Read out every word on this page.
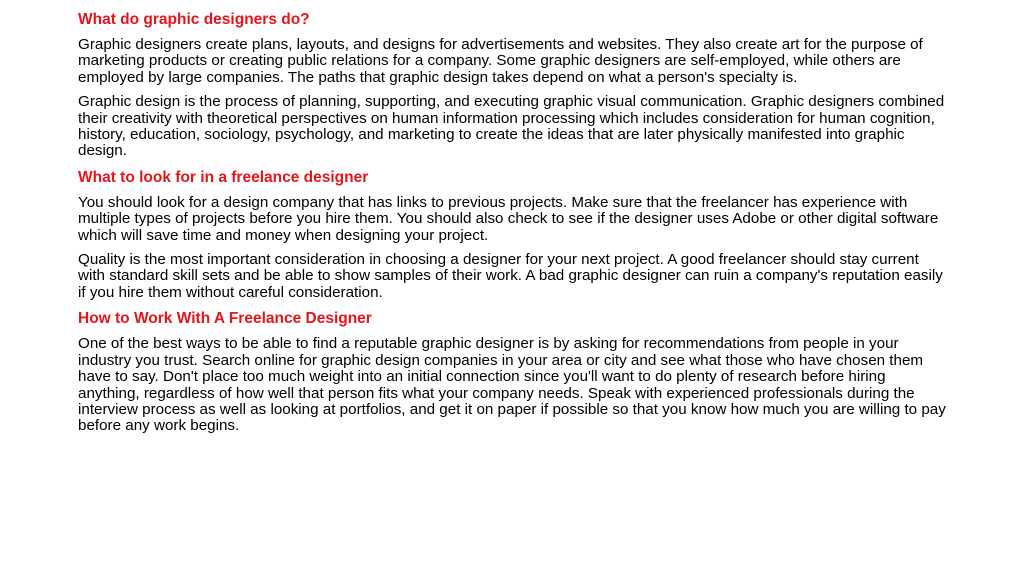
What do graphic designers do?
Graphic designers create plans, layouts, and designs for advertisements and websites. They also create art for the purpose of marketing products or creating public relations for a company. Some graphic designers are self-employed, while others are employed by large companies. The paths that graphic design takes depend on what a person's specialty is.
Graphic design is the process of planning, supporting, and executing graphic visual communication. Graphic designers combined their creativity with theoretical perspectives on human information processing which includes consideration for human cognition, history, education, sociology, psychology, and marketing to create the ideas that are later physically manifested into graphic design.
What to look for in a freelance designer
You should look for a design company that has links to previous projects. Make sure that the freelancer has experience with multiple types of projects before you hire them. You should also check to see if the designer uses Adobe or other digital software which will save time and money when designing your project.
Quality is the most important consideration in choosing a designer for your next project. A good freelancer should stay current with standard skill sets and be able to show samples of their work. A bad graphic designer can ruin a company's reputation easily if you hire them without careful consideration.
How to Work With A Freelance Designer
One of the best ways to be able to find a reputable graphic designer is by asking for recommendations from people in your industry you trust. Search online for graphic design companies in your area or city and see what those who have chosen them have to say. Don't place too much weight into an initial connection since you'll want to do plenty of research before hiring anything, regardless of how well that person fits what your company needs. Speak with experienced professionals during the interview process as well as looking at portfolios, and get it on paper if possible so that you know how much you are willing to pay before any work begins.
